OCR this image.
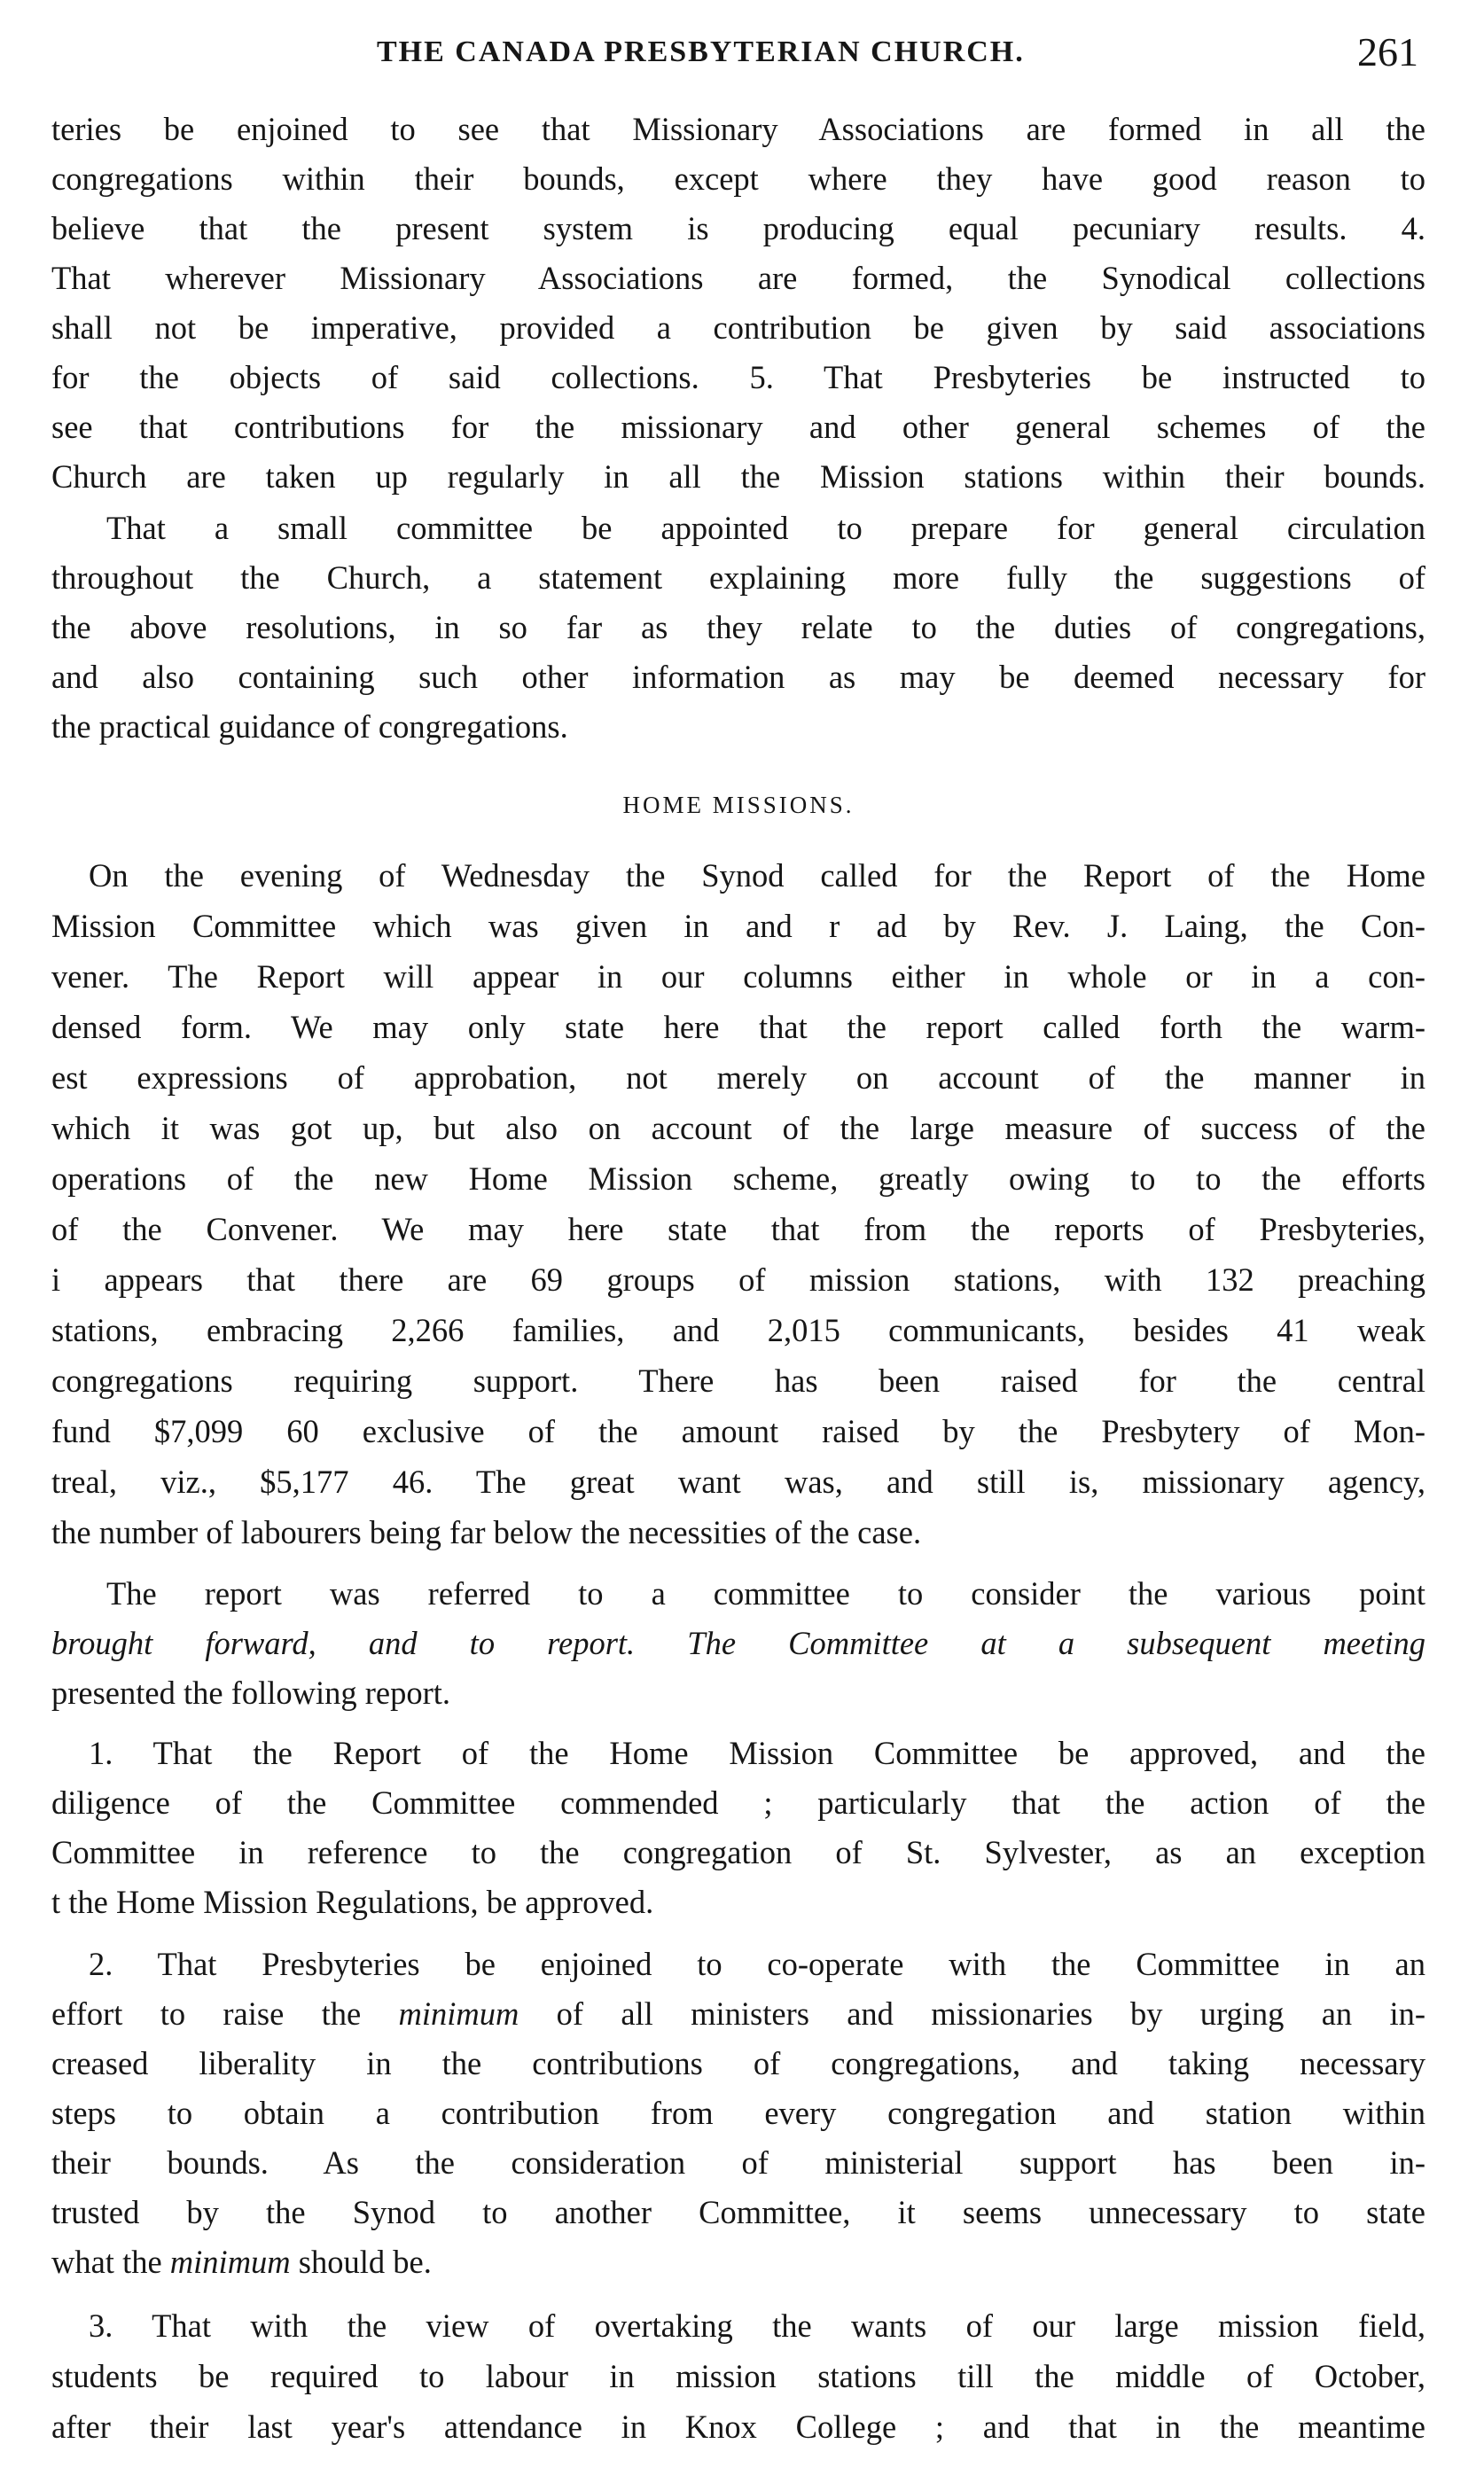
THE CANADA PRESBYTERIAN CHURCH.	261
teries be enjoined to see that Missionary Associations are formed in all the
congregations within their bounds, except where they have good reason to
believe that the present system is producing equal pecuniary results. 4.
That wherever Missionary Associations are formed, the Synodical collections
shall not be imperative, provided a contribution be given by said associations
for the objects of said collections. 5. That Presbyteries be instructed to
see that contributions for the missionary and other general schemes of the
Church are taken up regularly in all the Mission stations within their bounds.
That a small committee be appointed to prepare for general circulation
throughout the Church, a statement explaining more fully the suggestions of
the above resolutions, in so far as they relate to the duties of congregations,
and also containing such other information as may be deemed necessary for
the practical guidance of congregations.
HOME MISSIONS.
On the evening of Wednesday the Synod called for the Report of the Home
Mission Committee which was given in and r ad by Rev. J. Laing, the Con-
vener. The Report will appear in our columns either in whole or in a con-
densed form. We may only state here that the report called forth the warm-
est expressions of approbation, not merely on account of the manner in
which it was got up, but also on account of the large measure of success of the
operations of the new Home Mission scheme, greatly owing to to the efforts
of the Convener. We may here state that from the reports of Presbyteries,
i appears that there are 69 groups of mission stations, with 132 preaching
stations, embracing 2,266 families, and 2,015 communicants, besides 41 weak
congregations requiring support. There has been raised for the central
fund $7,099 60 exclusive of the amount raised by the Presbytery of Mon-
treal, viz., $5,177 46. The great want was, and still is, missionary agency,
the number of labourers being far below the necessities of the case.
The report was referred to a committee to consider the various point
brought forward, and to report. The Committee at a subsequent meeting
presented the following report.
1. That the Report of the Home Mission Committee be approved, and the
diligence of the Committee commended ; particularly that the action of the
Committee in reference to the congregation of St. Sylvester, as an exception
t the Home Mission Regulations, be approved.
2. That Presbyteries be enjoined to co-operate with the Committee in an
effort to raise the minimum of all ministers and missionaries by urging an in-
creased liberality in the contributions of congregations, and taking necessary
steps to obtain a contribution from every congregation and station within
their bounds. As the consideration of ministerial support has been in-
trusted by the Synod to another Committee, it seems unnecessary to state
what the minimum should be.
3. That with the view of overtaking the wants of our large mission field,
students be required to labour in mission stations till the middle of October,
after their last year's attendance in Knox College ; and that in the meantime
